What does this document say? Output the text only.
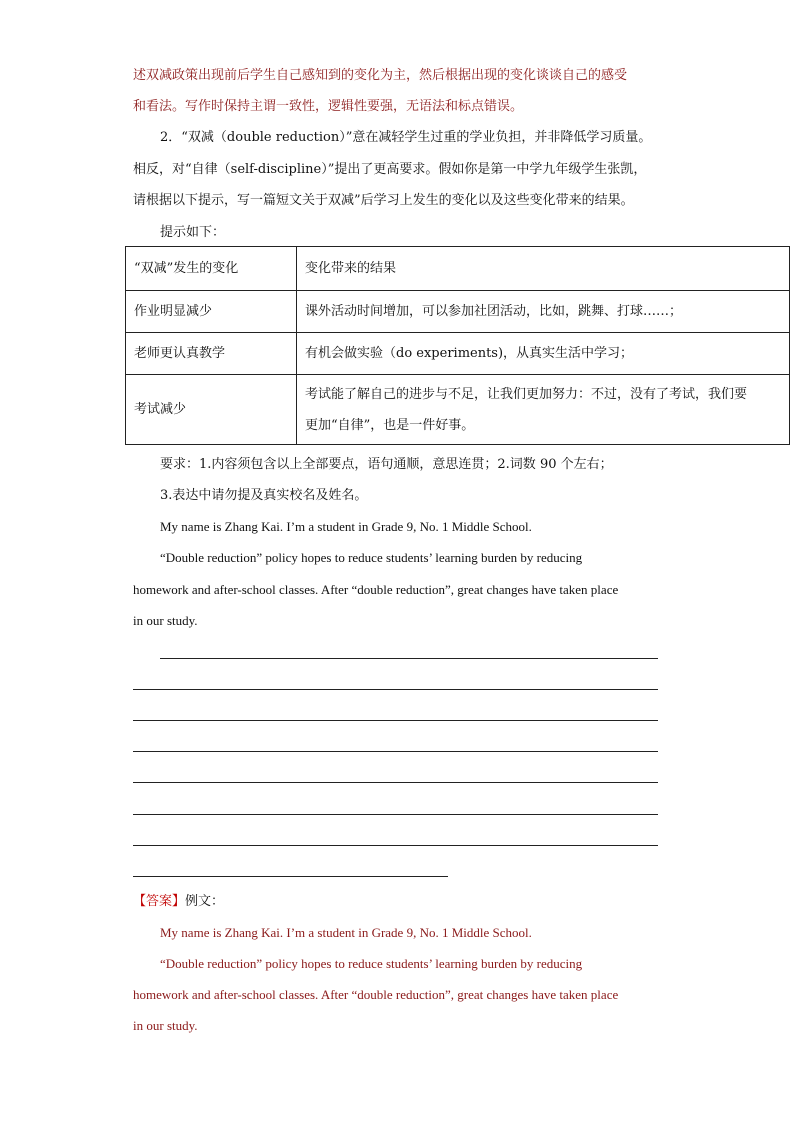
述双减政策出现前后学生自己感知到的变化为主，然后根据出现的变化谈谈自己的感受
和看法。写作时保持主谓一致性，逻辑性要强，无语法和标点错误。
2．“双减（double reduction）”意在减轻学生过重的学业负担，并非降低学习质量。
相反，对“自律（self-discipline）”提出了更高要求。假如你是第一中学九年级学生张凯，
请根据以下提示，写一篇短文关于双减”后学习上发生的变化以及这些变化带来的结果。
提示如下：
“双减”发生的变化	变化带来的结果
作业明显减少	课外活动时间增加，可以参加社团活动，比如，跳舞、打球……；
老师更认真教学	有机会做实验（do experiments)，从真实生活中学习；
考试减少	考试能了解自己的进步与不足，让我们更加努力：不过，没有了考试，我们要
更加“自律”，也是一件好事。
要求：1.内容须包含以上全部要点，语句通顺，意思连贯；2.词数 90 个左右；
3.表达中请勿提及真实校名及姓名。
My name is Zhang Kai. I’m a student in Grade 9, No. 1 Middle School.
“Double reduction” policy hopes to reduce students’ learning burden by reducing
homework and after-school classes. After “double reduction”, great changes have taken place
in our study.
【答案】例文：
My name is Zhang Kai. I’m a student in Grade 9, No. 1 Middle School.
“Double reduction” policy hopes to reduce students’ learning burden by reducing
homework and after-school classes. After “double reduction”, great changes have taken place
in our study.
